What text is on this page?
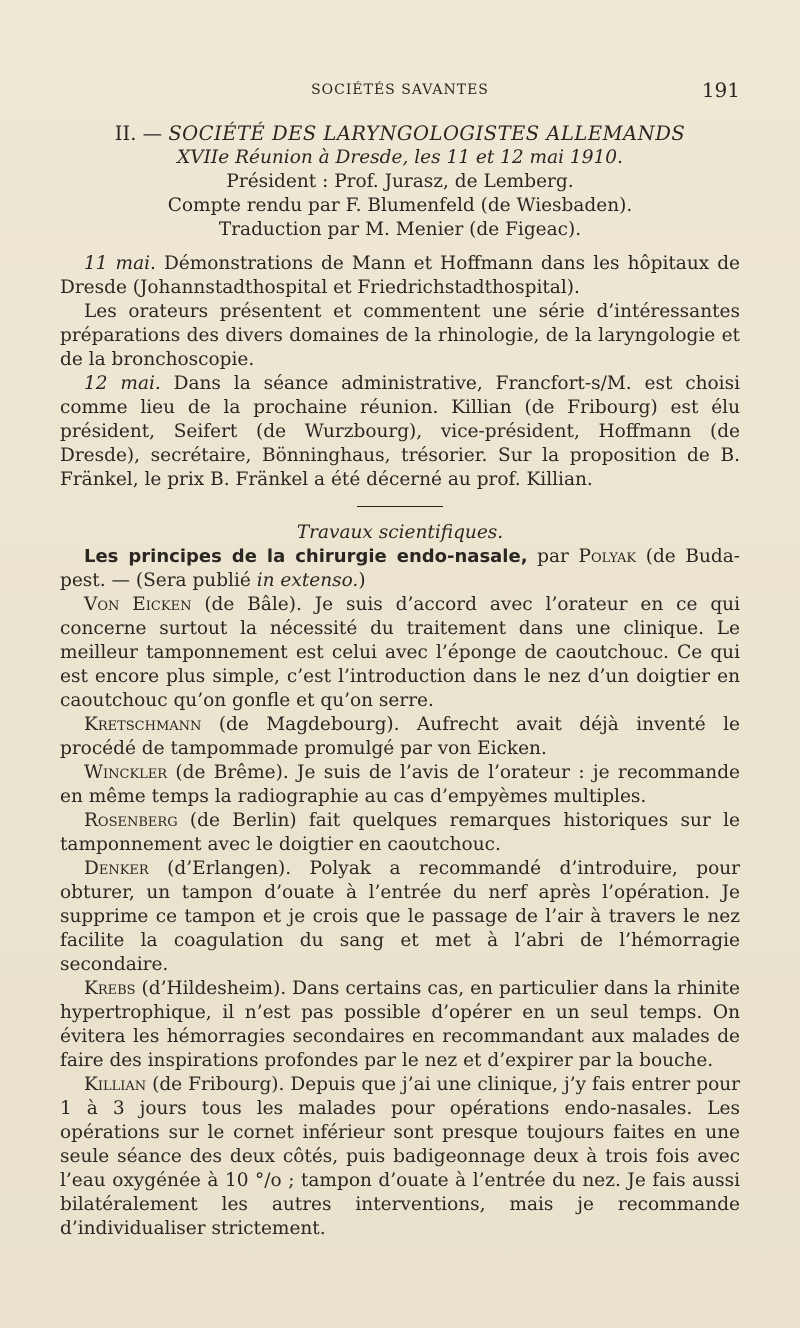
SOCIÉTÉS SAVANTES	191

II. — SOCIÉTÉ DES LARYNGOLOGISTES ALLEMANDS

XVIIe Réunion à Dresde, les 11 et 12 mai 1910.

Président : Prof. Jurasz, de Lemberg.

Compte rendu par F. Blumenfeld (de Wiesbaden).

Traduction par M. Menier (de Figeac).

11 mai. Démonstrations de Mann et Hoffmann dans les hôpitaux de Dresde (Johannstadthospital et Friedrichstadthospital).

Les orateurs présentent et commentent une série d’intéressantes préparations des divers domaines de la rhinologie, de la laryngologie et de la bronchoscopie.

12 mai. Dans la séance administrative, Francfort-s/M. est choisi comme lieu de la prochaine réunion. Killian (de Fribourg) est élu président, Seifert (de Wurzbourg), vice-président, Hoffmann (de Dresde), secrétaire, Bönninghaus, trésorier. Sur la proposition de B. Fränkel, le prix B. Fränkel a été décerné au prof. Killian.

Travaux scientifiques.

Les principes de la chirurgie endo-nasale, par Polyak (de Buda-pest. — (Sera publié in extenso.)

Von Eicken (de Bâle). Je suis d’accord avec l’orateur en ce qui concerne surtout la nécessité du traitement dans une clinique. Le meilleur tamponnement est celui avec l’éponge de caoutchouc. Ce qui est encore plus simple, c’est l’introduction dans le nez d’un doigtier en caoutchouc qu’on gonfle et qu’on serre.

Kretschmann (de Magdebourg). Aufrecht avait déjà inventé le procédé de tampommade promulgé par von Eicken.

Winckler (de Brême). Je suis de l’avis de l’orateur : je recommande en même temps la radiographie au cas d’empyèmes multiples.

Rosenberg (de Berlin) fait quelques remarques historiques sur le tamponnement avec le doigtier en caoutchouc.

Denker (d’Erlangen). Polyak a recommandé d’introduire, pour obturer, un tampon d’ouate à l’entrée du nerf après l’opération. Je supprime ce tampon et je crois que le passage de l’air à travers le nez facilite la coagulation du sang et met à l’abri de l’hémorragie secondaire.

Krebs (d’Hildesheim). Dans certains cas, en particulier dans la rhinite hypertrophique, il n’est pas possible d’opérer en un seul temps. On évitera les hémorragies secondaires en recommandant aux malades de faire des inspirations profondes par le nez et d’expirer par la bouche.

Killian (de Fribourg). Depuis que j’ai une clinique, j’y fais entrer pour 1 à 3 jours tous les malades pour opérations endo-nasales. Les opérations sur le cornet inférieur sont presque toujours faites en une seule séance des deux côtés, puis badigeonnage deux à trois fois avec l’eau oxygénée à 10 °/o ; tampon d’ouate à l’entrée du nez. Je fais aussi bilatéralement les autres interventions, mais je recommande d’individualiser strictement.
